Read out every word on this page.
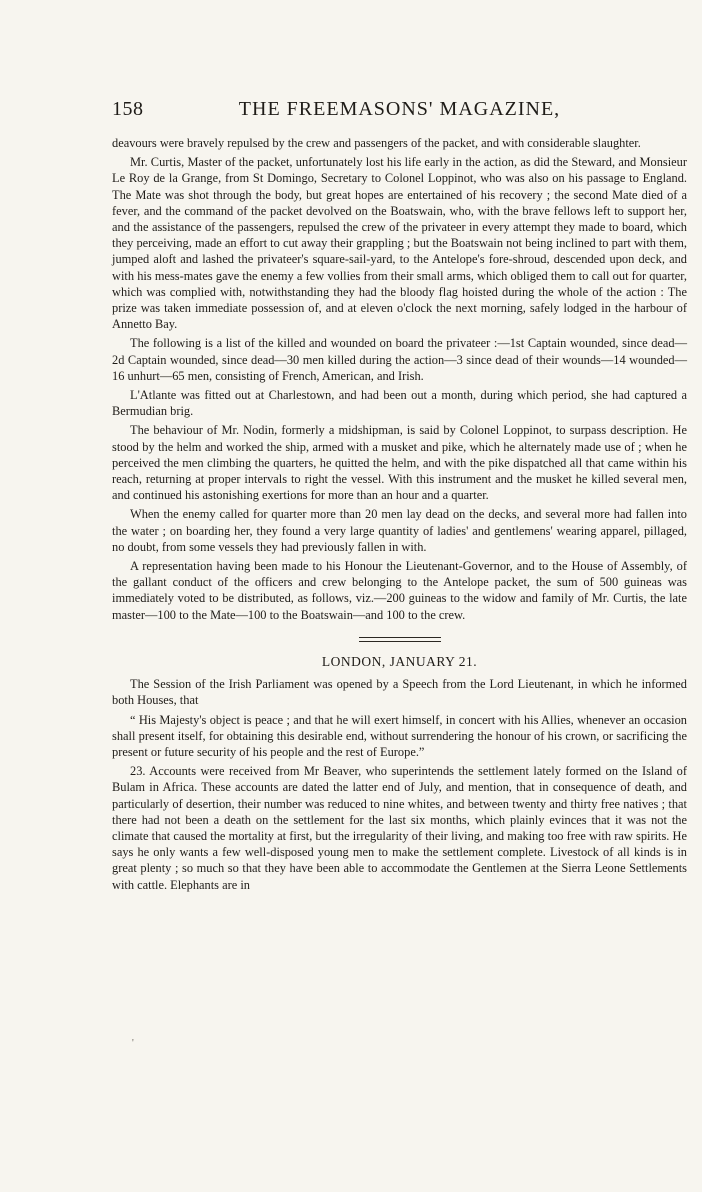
158	THE FREEMASONS' MAGAZINE,

deavours were bravely repulsed by the crew and passengers of the packet, and with considerable slaughter.

Mr. Curtis, Master of the packet, unfortunately lost his life early in the action, as did the Steward, and Monsieur Le Roy de la Grange, from St Domingo, Secretary to Colonel Loppinot, who was also on his passage to England. The Mate was shot through the body, but great hopes are entertained of his recovery ; the second Mate died of a fever, and the command of the packet devolved on the Boatswain, who, with the brave fellows left to support her, and the assistance of the passengers, repulsed the crew of the privateer in every attempt they made to board, which they perceiving, made an effort to cut away their grappling ; but the Boatswain not being inclined to part with them, jumped aloft and lashed the privateer's square-sail-yard, to the Antelope's fore-shroud, descended upon deck, and with his mess-mates gave the enemy a few vollies from their small arms, which obliged them to call out for quarter, which was complied with, notwithstanding they had the bloody flag hoisted during the whole of the action : The prize was taken immediate possession of, and at eleven o'clock the next morning, safely lodged in the harbour of Annetto Bay.

The following is a list of the killed and wounded on board the privateer :—1st Captain wounded, since dead—2d Captain wounded, since dead—30 men killed during the action—3 since dead of their wounds—14 wounded—16 unhurt—65 men, consisting of French, American, and Irish.

L'Atlante was fitted out at Charlestown, and had been out a month, during which period, she had captured a Bermudian brig.

The behaviour of Mr. Nodin, formerly a midshipman, is said by Colonel Loppinot, to surpass description. He stood by the helm and worked the ship, armed with a musket and pike, which he alternately made use of ; when he perceived the men climbing the quarters, he quitted the helm, and with the pike dispatched all that came within his reach, returning at proper intervals to right the vessel. With this instrument and the musket he killed several men, and continued his astonishing exertions for more than an hour and a quarter.

When the enemy called for quarter more than 20 men lay dead on the decks, and several more had fallen into the water ; on boarding her, they found a very large quantity of ladies' and gentlemens' wearing apparel, pillaged, no doubt, from some vessels they had previously fallen in with.

A representation having been made to his Honour the Lieutenant-Governor, and to the House of Assembly, of the gallant conduct of the officers and crew belonging to the Antelope packet, the sum of 500 guineas was immediately voted to be distributed, as follows, viz.—200 guineas to the widow and family of Mr. Curtis, the late master—100 to the Mate—100 to the Boatswain—and 100 to the crew.

LONDON, JANUARY 21.

The Session of the Irish Parliament was opened by a Speech from the Lord Lieutenant, in which he informed both Houses, that

“ His Majesty's object is peace ; and that he will exert himself, in concert with his Allies, whenever an occasion shall present itself, for obtaining this desirable end, without surrendering the honour of his crown, or sacrificing the present or future security of his people and the rest of Europe.”

23. Accounts were received from Mr Beaver, who superintends the settlement lately formed on the Island of Bulam in Africa. These accounts are dated the latter end of July, and mention, that in consequence of death, and particularly of desertion, their number was reduced to nine whites, and between twenty and thirty free natives ; that there had not been a death on the settlement for the last six months, which plainly evinces that it was not the climate that caused the mortality at first, but the irregularity of their living, and making too free with raw spirits. He says he only wants a few well-disposed young men to make the settlement complete. Livestock of all kinds is in great plenty ; so much so that they have been able to accommodate the Gentlemen at the Sierra Leone Settlements with cattle. Elephants are in

'
